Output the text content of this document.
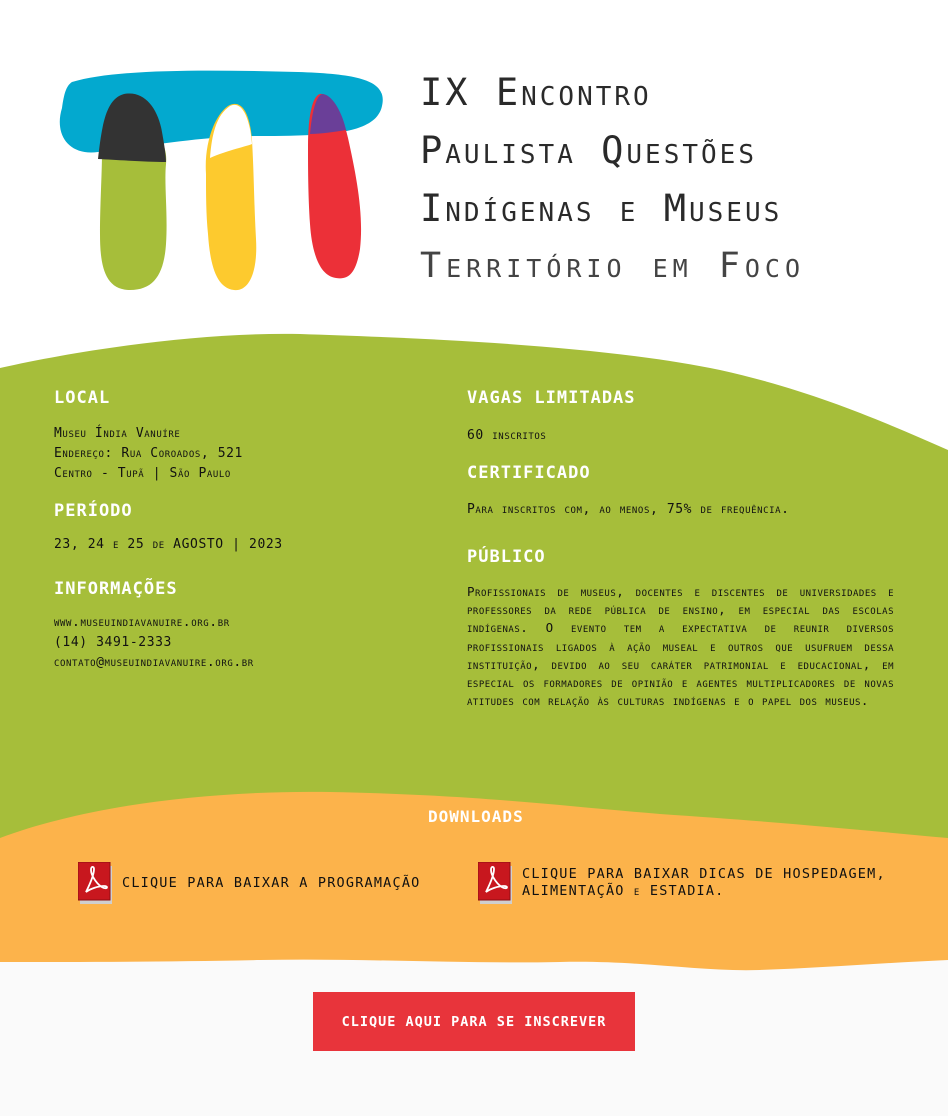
IX Encontro
Paulista Questões
Indígenas e Museus
Território em Foco
LOCAL
Museu Índia Vanuíre
Endereço: Rua Coroados, 521
Centro - Tupã | São Paulo
PERÍODO
23, 24 e 25 de AGOSTO | 2023
INFORMAÇÕES
www.museuindiavanuire.org.br
(14) 3491-2333
contato@museuindiavanuire.org.br
VAGAS LIMITADAS
60 inscritos
CERTIFICADO
Para inscritos com, ao menos, 75% de frequência.
PÚBLICO
Profissionais de museus, docentes e discentes de universidades e professores da rede pública de ensino, em especial das escolas indígenas. O evento tem a expectativa de reunir diversos profissionais ligados à ação museal e outros que usufruem dessa instituição, devido ao seu caráter patrimonial e educacional, em especial os formadores de opinião e agentes multiplicadores de novas atitudes com relação às culturas indígenas e o papel dos museus.
DOWNLOADS
CLIQUE PARA BAIXAR A PROGRAMAÇÃO
CLIQUE PARA BAIXAR DICAS DE HOSPEDAGEM,
ALIMENTAÇÃO e ESTADIA.
CLIQUE AQUI PARA SE INSCREVER
